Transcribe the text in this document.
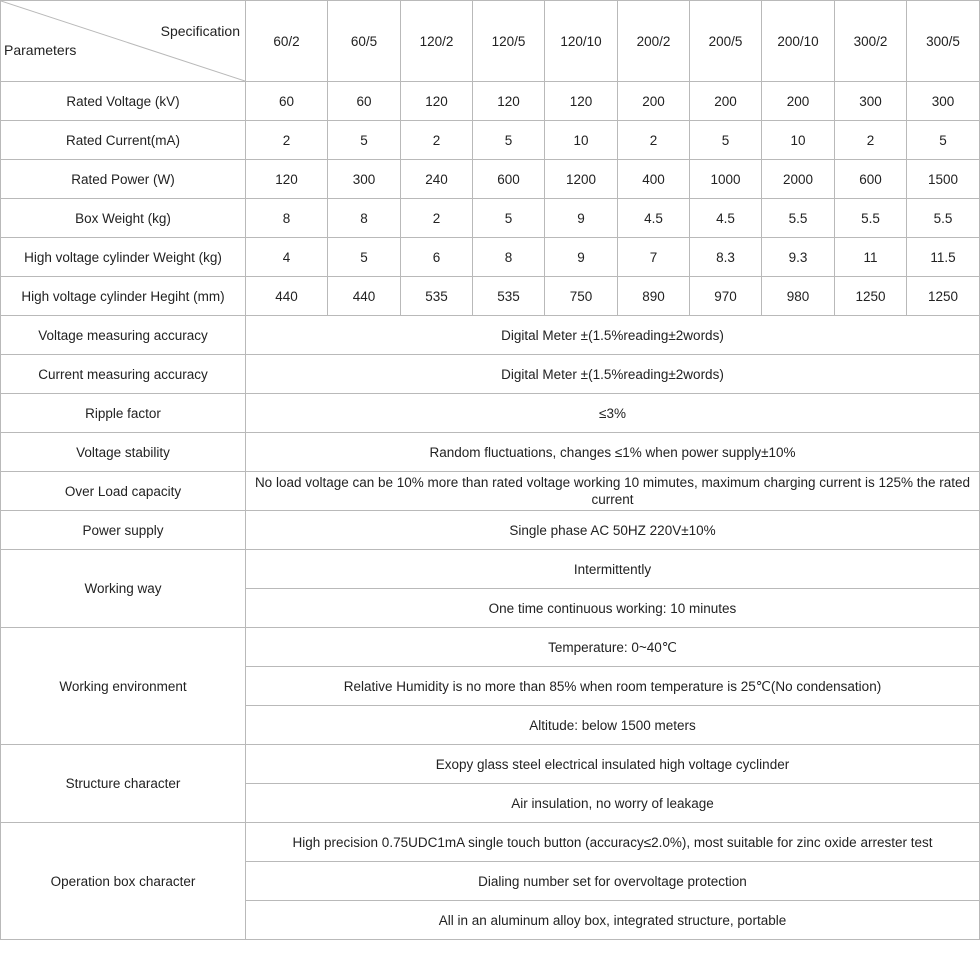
Specification
Parameters	60/2	60/5	120/2	120/5	120/10	200/2	200/5	200/10	300/2	300/5
Rated Voltage (kV)	60	60	120	120	120	200	200	200	300	300
Rated Current(mA)	2	5	2	5	10	2	5	10	2	5
Rated Power (W)	120	300	240	600	1200	400	1000	2000	600	1500
Box Weight (kg)	8	8	2	5	9	4.5	4.5	5.5	5.5	5.5
High voltage cylinder Weight (kg)	4	5	6	8	9	7	8.3	9.3	11	11.5
High voltage cylinder Hegiht (mm)	440	440	535	535	750	890	970	980	1250	1250
Voltage measuring accuracy	Digital Meter ±(1.5%reading±2words)									
Current measuring accuracy	Digital Meter ±(1.5%reading±2words)									
Ripple factor	≤3%									
Voltage stability	Random fluctuations, changes ≤1% when power supply±10%									
Over Load capacity	No load voltage can be 10% more than rated voltage working 10 mimutes, maximum charging current is 125% the rated current									
Power supply	Single phase AC 50HZ 220V±10%									
Working way	Intermittently									
	One time continuous working: 10 minutes									
Working environment	Temperature: 0~40℃									
	Relative Humidity is no more than 85% when room temperature is 25℃(No condensation)									
	Altitude: below 1500 meters									
Structure character	Exopy glass steel electrical insulated high voltage cyclinder									
	Air insulation, no worry of leakage									
Operation box character	High precision 0.75UDC1mA single touch button (accuracy≤2.0%), most suitable for zinc oxide arrester test									
	Dialing number set for overvoltage protection									
	All in an aluminum alloy box, integrated structure, portable									
